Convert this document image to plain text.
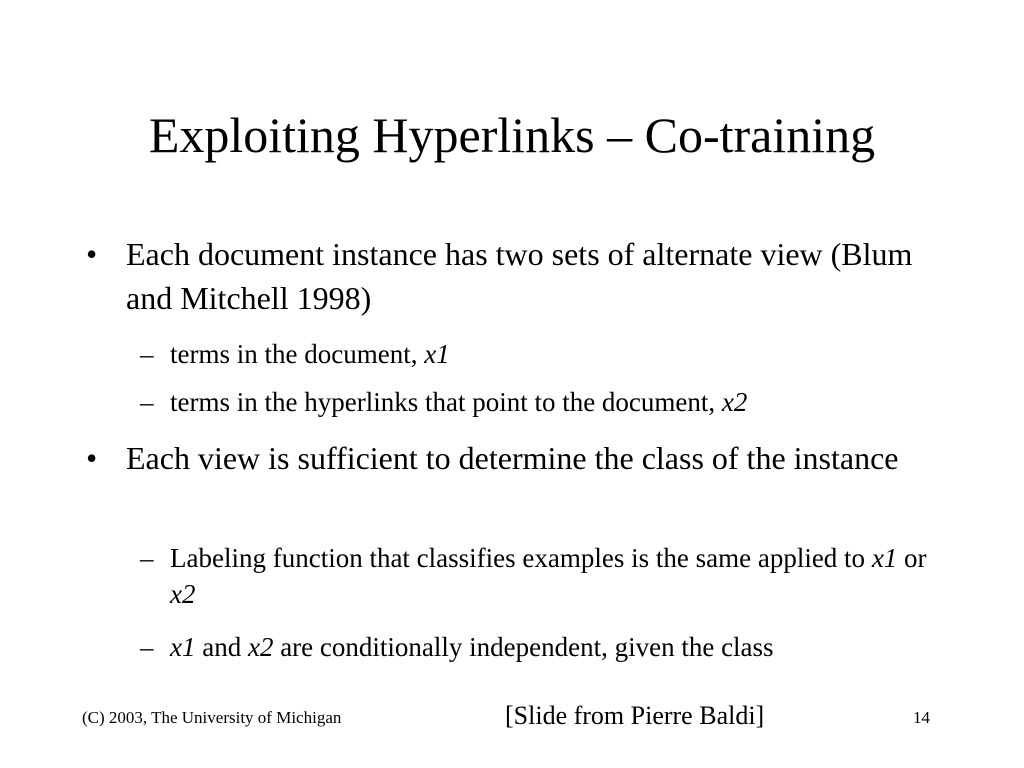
Exploiting Hyperlinks – Co-training
• Each document instance has two sets of alternate view (Blum and Mitchell 1998)
– terms in the document, x1
– terms in the hyperlinks that point to the document, x2
• Each view is sufficient to determine the class of the instance
– Labeling function that classifies examples is the same applied to x1 or x2
– x1 and x2 are conditionally independent, given the class
(C) 2003, The University of Michigan	[Slide from Pierre Baldi]	14
